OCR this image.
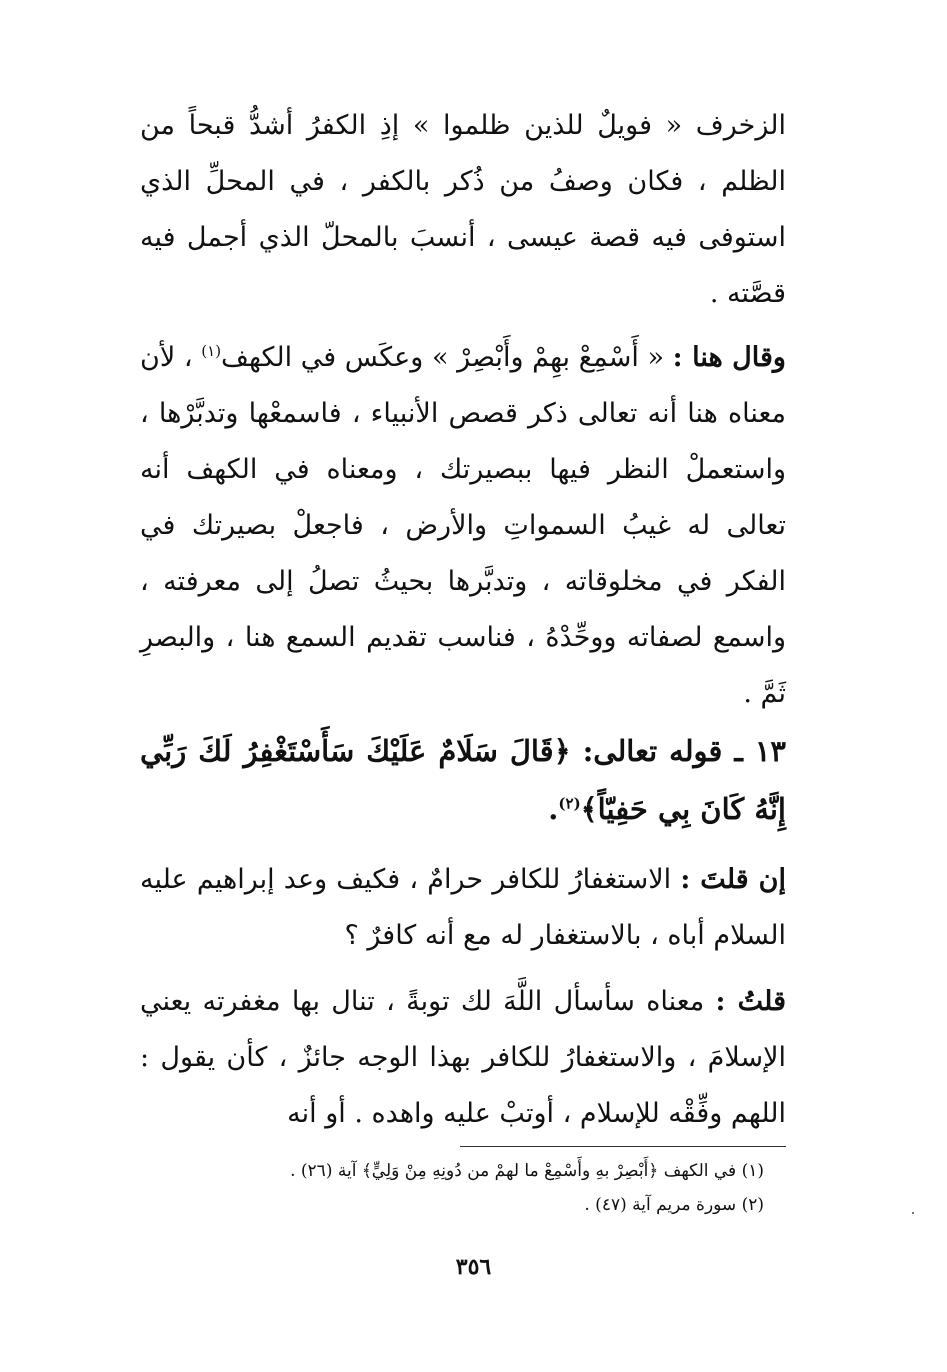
الزخرف « فويلٌ للذين ظلموا » إذِ الكفرُ أشدُّ قبحاً من الظلم ، فكان وصفُ من ذُكر بالكفر ، في المحلِّ الذي استوفى فيه قصة عيسى ، أنسبَ بالمحلّ الذي أجمل فيه قصَّته .

وقال هنا : « أَسْمِعْ بهِمْ وأَبْصِرْ » وعكَس في الكهف$^{(١)}$ ، لأن معناه هنا أنه تعالى ذكر قصص الأنبياء ، فاسمعْها وتدبَّرْها ، واستعملْ النظر فيها ببصيرتك ، ومعناه في الكهف أنه تعالى له غيبُ السمواتِ والأرض ، فاجعلْ بصيرتك في الفكر في مخلوقاته ، وتدبَّرها بحيثُ تصلُ إلى معرفته ، واسمع لصفاته ووحِّدْهُ ، فناسب تقديم السمع هنا ، والبصرِ ثَمَّ .

١٣ ـ قوله تعالى: ﴿قَالَ سَلَامٌ عَلَيْكَ سَأَسْتَغْفِرُ لَكَ رَبِّي إِنَّهُ كَانَ بِي حَفِيّاً﴾$^{(٢)}$.

إن قلتَ : الاستغفارُ للكافر حرامٌ ، فكيف وعد إبراهيم عليه السلام أباه ، بالاستغفار له مع أنه كافرٌ ؟

قلتُ : معناه سأسأل اللَّهَ لك توبةً ، تنال بها مغفرته يعني الإسلامَ ، والاستغفارُ للكافر بهذا الوجه جائزٌ ، كأن يقول : اللهم وفِّقْه للإسلام ، أوتبْ عليه واهده . أو أنه

(١) في الكهف ﴿أَبْصِرْ بهِ وأَسْمِعْ ما لهمْ من دُونِهِ مِنْ وَلِيٍّ﴾ آية (٢٦) .
(٢) سورة مريم آية (٤٧) .
٣٥٦
